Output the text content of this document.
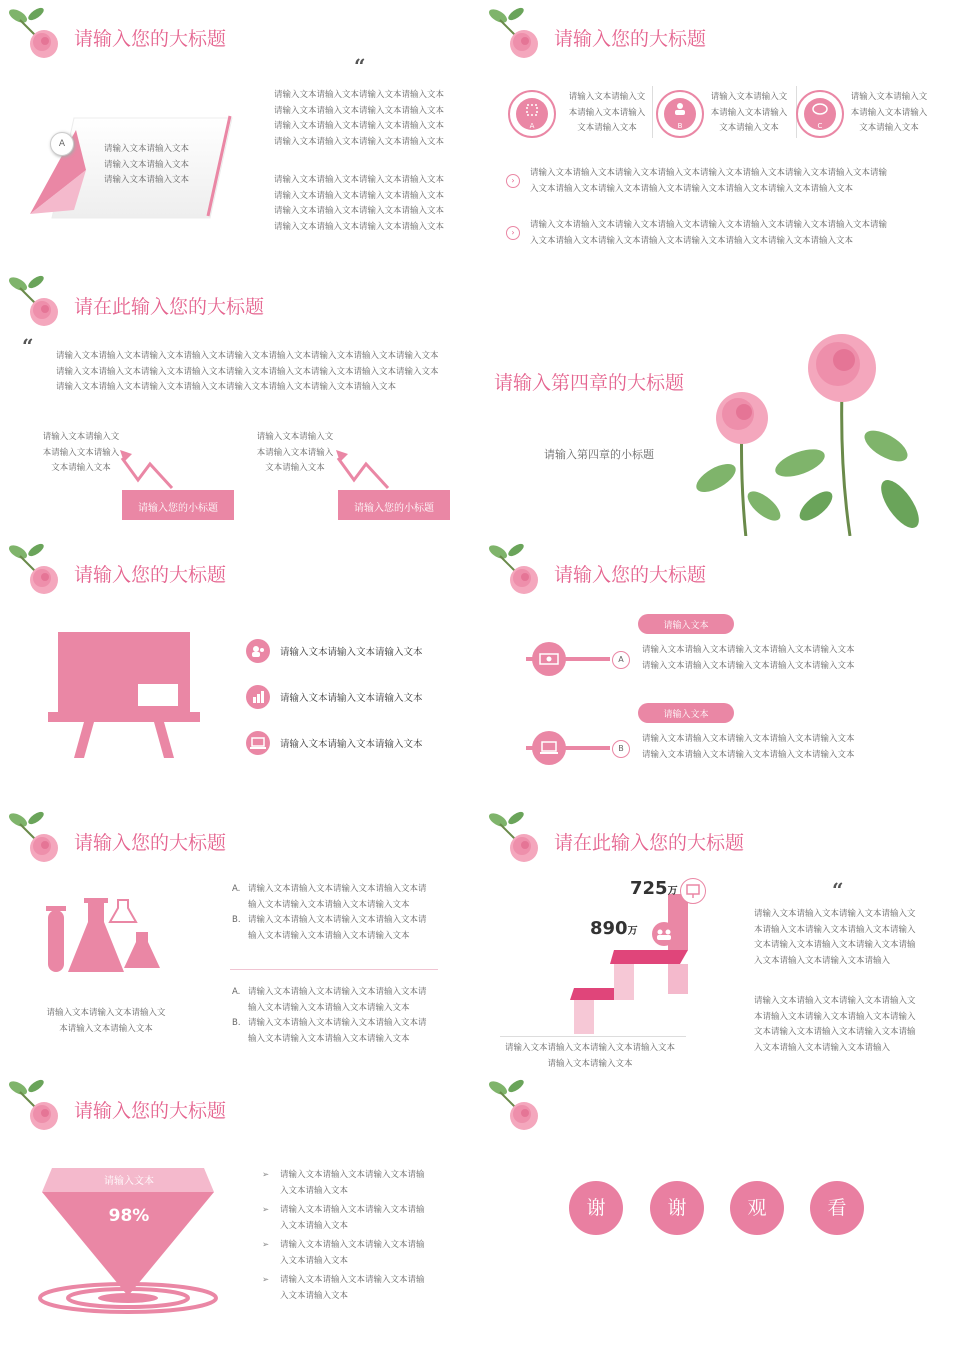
请输入您的大标题
A	请输入文本请输入文本
请输入文本请输入文本
请输入文本请输入文本
“
请输入文本请输入文本请输入文本请输入文本
请输入文本请输入文本请输入文本请输入文本
请输入文本请输入文本请输入文本请输入文本
请输入文本请输入文本请输入文本请输入文本
请输入文本请输入文本请输入文本请输入文本
请输入文本请输入文本请输入文本请输入文本
请输入文本请输入文本请输入文本请输入文本
请输入文本请输入文本请输入文本请输入文本
请输入您的大标题
A
请输入文本请输入文
本请输入文本请输入
文本请输入文本	B
请输入文本请输入文
本请输入文本请输入
文本请输入文本	C
请输入文本请输入文
本请输入文本请输入
文本请输入文本
›
请输入文本请输入文本请输入文本请输入文本请输入文本请输入文本请输入文本请输入文本请输
入文本请输入文本请输入文本请输入文本请输入文本请输入文本请输入文本请输入文本
›
请输入文本请输入文本请输入文本请输入文本请输入文本请输入文本请输入文本请输入文本请输
入文本请输入文本请输入文本请输入文本请输入文本请输入文本请输入文本请输入文本
请在此输入您的大标题
“	请输入文本请输入文本请输入文本请输入文本请输入文本请输入文本请输入文本请输入文本请输入文本
请输入文本请输入文本请输入文本请输入文本请输入文本请输入文本请输入文本请输入文本请输入文本
请输入文本请输入文本请输入文本请输入文本请输入文本请输入文本请输入文本请输入文本
请输入文本请输入文
本请输入文本请输入
文本请输入文本
请输入您的小标题
请输入文本请输入文
本请输入文本请输入
文本请输入文本
请输入您的小标题
请输入第四章的大标题
请输入第四章的小标题
请输入您的大标题
请输入文本请输入文本请输入文本
请输入文本请输入文本请输入文本
请输入文本请输入文本请输入文本
请输入您的大标题
请输入文本
A
请输入文本请输入文本请输入文本请输入文本请输入文本
请输入文本请输入文本请输入文本请输入文本请输入文本
请输入文本
B
请输入文本请输入文本请输入文本请输入文本请输入文本
请输入文本请输入文本请输入文本请输入文本请输入文本
请输入您的大标题
请输入文本请输入文本请输入文
本请输入文本请输入文本
A. 请输入文本请输入文本请输入文本请输入文本请
输入文本请输入文本请输入文本请输入文本
B. 请输入文本请输入文本请输入文本请输入文本请
输入文本请输入文本请输入文本请输入文本
A. 请输入文本请输入文本请输入文本请输入文本请
输入文本请输入文本请输入文本请输入文本
B. 请输入文本请输入文本请输入文本请输入文本请
输入文本请输入文本请输入文本请输入文本
请在此输入您的大标题
725万
890万
请输入文本请输入文本请输入文本请输入文本
请输入文本请输入文本
“
请输入文本请输入文本请输入文本请输入文
本请输入文本请输入文本请输入文本请输入
文本请输入文本请输入文本请输入文本请输
入文本请输入文本请输入文本请输入
请输入文本请输入文本请输入文本请输入文
本请输入文本请输入文本请输入文本请输入
文本请输入文本请输入文本请输入文本请输
入文本请输入文本请输入文本请输入
请输入您的大标题
请输入文本
98%
➢ 请输入文本请输入文本请输入文本请输
入文本请输入文本
➢ 请输入文本请输入文本请输入文本请输
入文本请输入文本
➢ 请输入文本请输入文本请输入文本请输
入文本请输入文本
➢ 请输入文本请输入文本请输入文本请输
入文本请输入文本
谢	谢	观	看
